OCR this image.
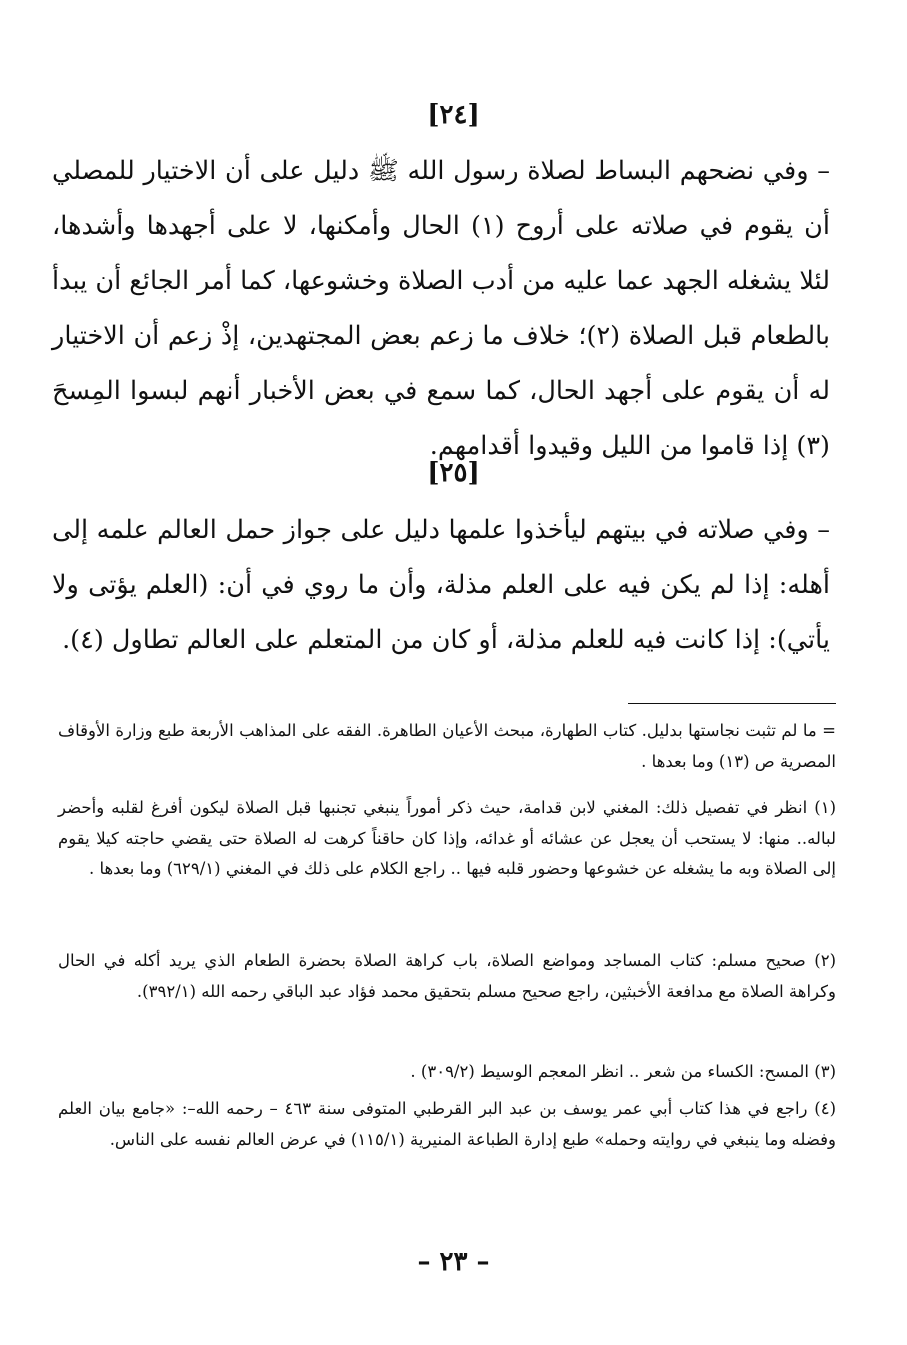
[٢٤]
– وفي نضحهم البساط لصلاة رسول الله ﷺ دليل على أن الاختيار للمصلي أن يقوم في صلاته على أروح (١) الحال وأمكنها، لا على أجهدها وأشدها، لئلا يشغله الجهد عما عليه من أدب الصلاة وخشوعها، كما أمر الجائع أن يبدأ بالطعام قبل الصلاة (٢)؛ خلاف ما زعم بعض المجتهدين، إذْ زعم أن الاختيار له أن يقوم على أجهد الحال، كما سمع في بعض الأخبار أنهم لبسوا المِسحَ (٣) إذا قاموا من الليل وقيدوا أقدامهم.
[٢٥]
– وفي صلاته في بيتهم ليأخذوا علمها دليل على جواز حمل العالم علمه إلى أهله: إذا لم يكن فيه على العلم مذلة، وأن ما روي في أن: (العلم يؤتى ولا يأتي): إذا كانت فيه للعلم مذلة، أو كان من المتعلم على العالم تطاول (٤).
= ما لم تثبت نجاستها بدليل. كتاب الطهارة، مبحث الأعيان الطاهرة. الفقه على المذاهب الأربعة طبع وزارة الأوقاف المصرية ص (١٣) وما بعدها .
(١) انظر في تفصيل ذلك: المغني لابن قدامة، حيث ذكر أموراً ينبغي تجنبها قبل الصلاة ليكون أفرغ لقلبه وأحضر لباله.. منها: لا يستحب أن يعجل عن عشائه أو غدائه، وإذا كان حاقناً كرهت له الصلاة حتى يقضي حاجته كيلا يقوم إلى الصلاة وبه ما يشغله عن خشوعها وحضور قلبه فيها .. راجع الكلام على ذلك في المغني (٦٢٩/١) وما بعدها .
(٢) صحيح مسلم: كتاب المساجد ومواضع الصلاة، باب كراهة الصلاة بحضرة الطعام الذي يريد أكله في الحال وكراهة الصلاة مع مدافعة الأخبثين، راجع صحيح مسلم بتحقيق محمد فؤاد عبد الباقي رحمه الله (٣٩٢/١).
(٣) المسح: الكساء من شعر .. انظر المعجم الوسيط (٣٠٩/٢) .
(٤) راجع في هذا كتاب أبي عمر يوسف بن عبد البر القرطبي المتوفى سنة ٤٦٣ – رحمه الله–: «جامع بيان العلم وفضله وما ينبغي في روايته وحمله» طبع إدارة الطباعة المنيرية (١١٥/١) في عرض العالم نفسه على الناس.
– ٢٣ –
